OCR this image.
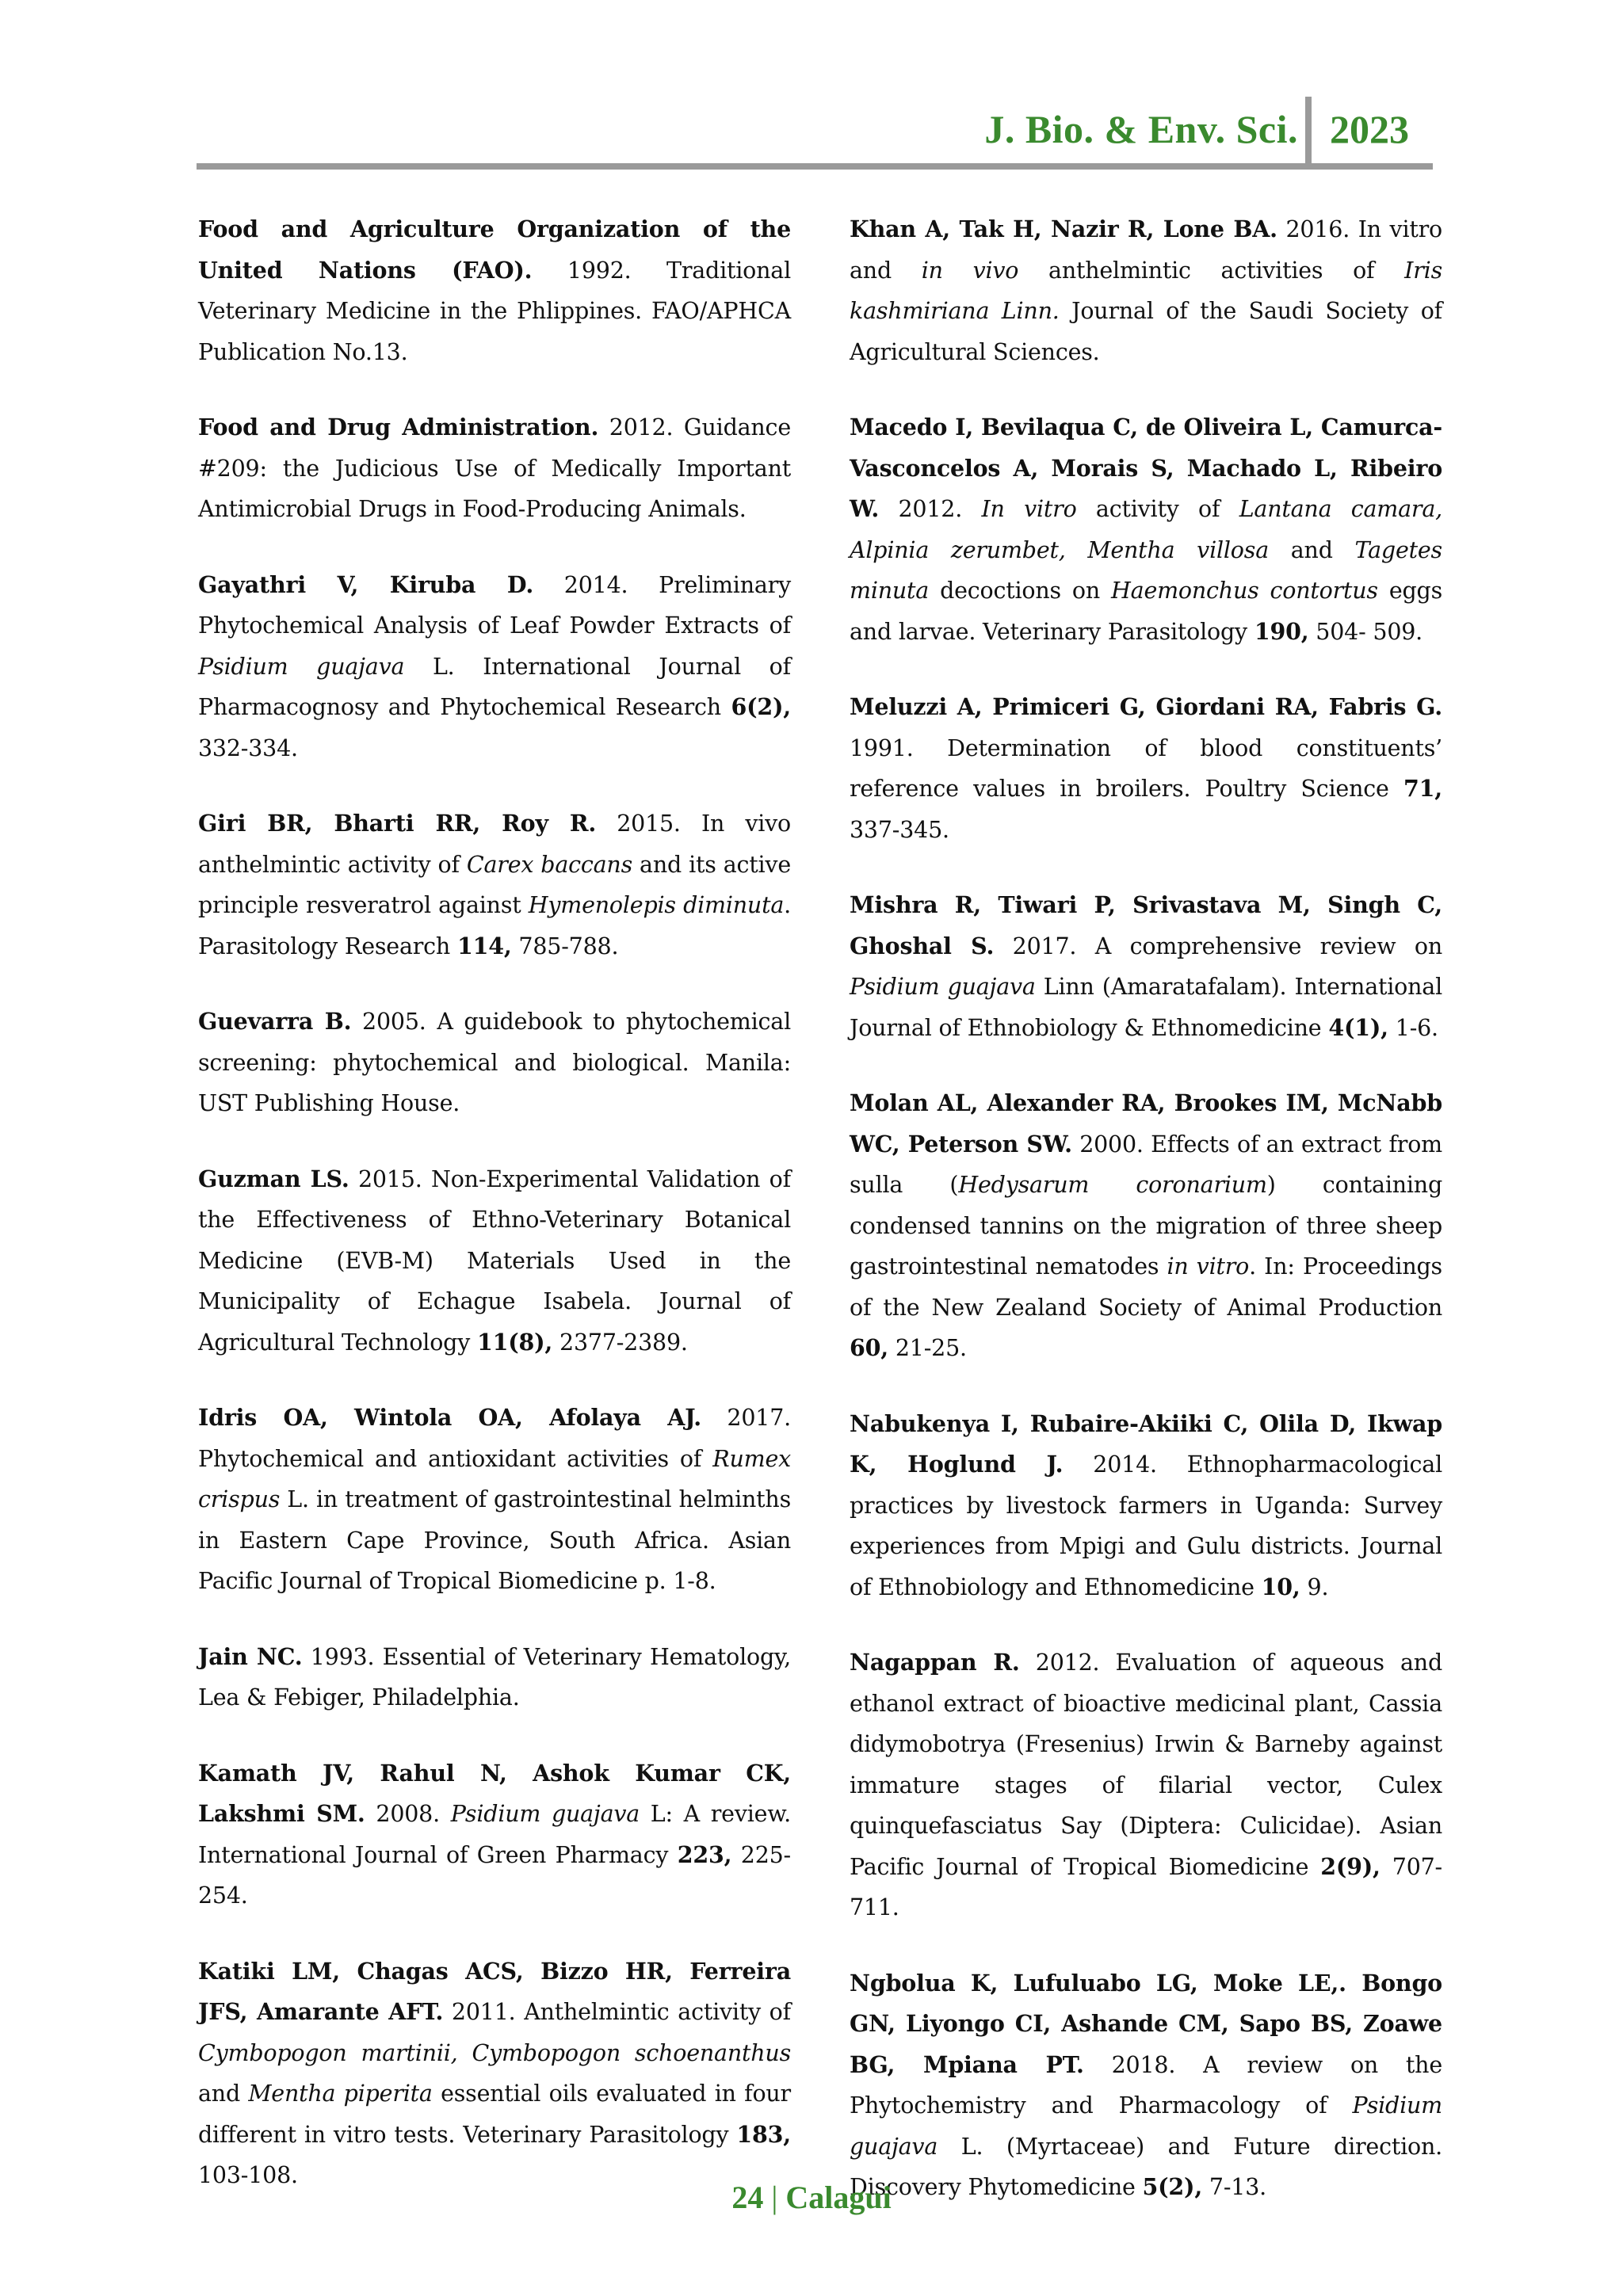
J. Bio. & Env. Sci. 2023

Food and Agriculture Organization of the United Nations (FAO). 1992. Traditional Veterinary Medicine in the Phlippines. FAO/APHCA Publication No.13.

Food and Drug Administration. 2012. Guidance #209: the Judicious Use of Medically Important Antimicrobial Drugs in Food-Producing Animals.

Gayathri V, Kiruba D. 2014. Preliminary Phytochemical Analysis of Leaf Powder Extracts of Psidium guajava L. International Journal of Pharmacognosy and Phytochemical Research 6(2), 332-334.

Giri BR, Bharti RR, Roy R. 2015. In vivo anthelmintic activity of Carex baccans and its active principle resveratrol against Hymenolepis diminuta. Parasitology Research 114, 785-788.

Guevarra B. 2005. A guidebook to phytochemical screening: phytochemical and biological. Manila: UST Publishing House.

Guzman LS. 2015. Non-Experimental Validation of the Effectiveness of Ethno-Veterinary Botanical Medicine (EVB-M) Materials Used in the Municipality of Echague Isabela. Journal of Agricultural Technology 11(8), 2377-2389.

Idris OA, Wintola OA, Afolaya AJ. 2017. Phytochemical and antioxidant activities of Rumex crispus L. in treatment of gastrointestinal helminths in Eastern Cape Province, South Africa. Asian Pacific Journal of Tropical Biomedicine p. 1-8.

Jain NC. 1993. Essential of Veterinary Hematology, Lea & Febiger, Philadelphia.

Kamath JV, Rahul N, Ashok Kumar CK, Lakshmi SM. 2008. Psidium guajava L: A review. International Journal of Green Pharmacy 223, 225-254.

Katiki LM, Chagas ACS, Bizzo HR, Ferreira JFS, Amarante AFT. 2011. Anthelmintic activity of Cymbopogon martinii, Cymbopogon schoenanthus and Mentha piperita essential oils evaluated in four different in vitro tests. Veterinary Parasitology 183, 103-108.

Khan A, Tak H, Nazir R, Lone BA. 2016. In vitro and in vivo anthelmintic activities of Iris kashmiriana Linn. Journal of the Saudi Society of Agricultural Sciences.

Macedo I, Bevilaqua C, de Oliveira L, Camurca-Vasconcelos A, Morais S, Machado L, Ribeiro W. 2012. In vitro activity of Lantana camara, Alpinia zerumbet, Mentha villosa and Tagetes minuta decoctions on Haemonchus contortus eggs and larvae. Veterinary Parasitology 190, 504- 509.

Meluzzi A, Primiceri G, Giordani RA, Fabris G. 1991. Determination of blood constituents’ reference values in broilers. Poultry Science 71, 337-345.

Mishra R, Tiwari P, Srivastava M, Singh C, Ghoshal S. 2017. A comprehensive review on Psidium guajava Linn (Amaratafalam). International Journal of Ethnobiology & Ethnomedicine 4(1), 1-6.

Molan AL, Alexander RA, Brookes IM, McNabb WC, Peterson SW. 2000. Effects of an extract from sulla (Hedysarum coronarium) containing condensed tannins on the migration of three sheep gastrointestinal nematodes in vitro. In: Proceedings of the New Zealand Society of Animal Production 60, 21-25.

Nabukenya I, Rubaire-Akiiki C, Olila D, Ikwap K, Hoglund J. 2014. Ethnopharmacological practices by livestock farmers in Uganda: Survey experiences from Mpigi and Gulu districts. Journal of Ethnobiology and Ethnomedicine 10, 9.

Nagappan R. 2012. Evaluation of aqueous and ethanol extract of bioactive medicinal plant, Cassia didymobotrya (Fresenius) Irwin & Barneby against immature stages of filarial vector, Culex quinquefasciatus Say (Diptera: Culicidae). Asian Pacific Journal of Tropical Biomedicine 2(9), 707-711.

Ngbolua K, Lufuluabo LG, Moke LE,. Bongo GN, Liyongo CI, Ashande CM, Sapo BS, Zoawe BG, Mpiana PT. 2018. A review on the Phytochemistry and Pharmacology of Psidium guajava L. (Myrtaceae) and Future direction. Discovery Phytomedicine 5(2), 7-13.

24 | Calagui
